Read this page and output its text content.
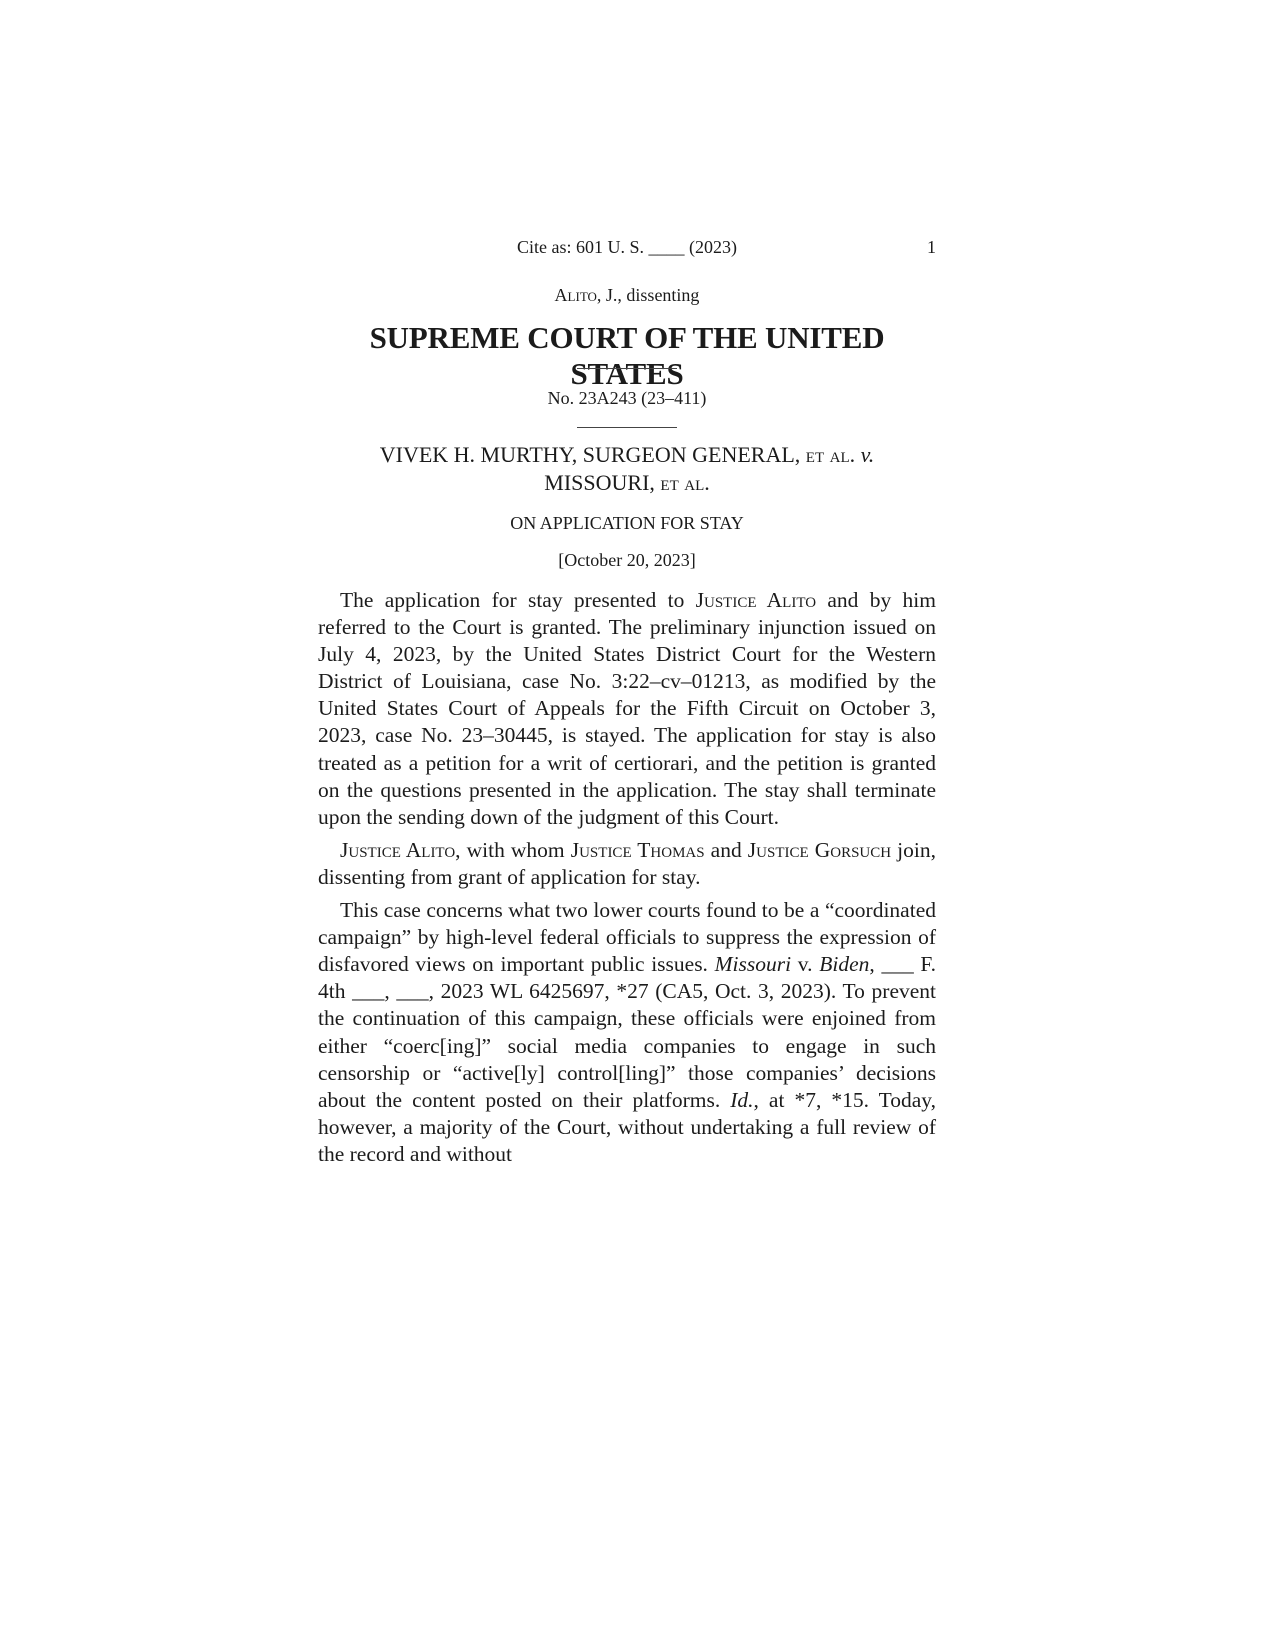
Cite as: 601 U. S. ____ (2023)	1
Alito, J., dissenting
SUPREME COURT OF THE UNITED STATES
No. 23A243 (23–411)
VIVEK H. MURTHY, SURGEON GENERAL, et al. v.
MISSOURI, et al.
ON APPLICATION FOR STAY
[October 20, 2023]

The application for stay presented to Justice Alito and by him referred to the Court is granted. The preliminary injunction issued on July 4, 2023, by the United States District Court for the Western District of Louisiana, case No. 3:22–cv–01213, as modified by the United States Court of Appeals for the Fifth Circuit on October 3, 2023, case No. 23–30445, is stayed. The application for stay is also treated as a petition for a writ of certiorari, and the petition is granted on the questions presented in the application. The stay shall terminate upon the sending down of the judgment of this Court.

Justice Alito, with whom Justice Thomas and Justice Gorsuch join, dissenting from grant of application for stay.

This case concerns what two lower courts found to be a “coordinated campaign” by high-level federal officials to suppress the expression of disfavored views on important public issues. Missouri v. Biden, ___ F. 4th ___, ___, 2023 WL 6425697, *27 (CA5, Oct. 3, 2023). To prevent the continuation of this campaign, these officials were enjoined from either “coerc[ing]” social media companies to engage in such censorship or “active[ly] control[ling]” those companies’ decisions about the content posted on their platforms. Id., at *7, *15. Today, however, a majority of the Court, without undertaking a full review of the record and without
